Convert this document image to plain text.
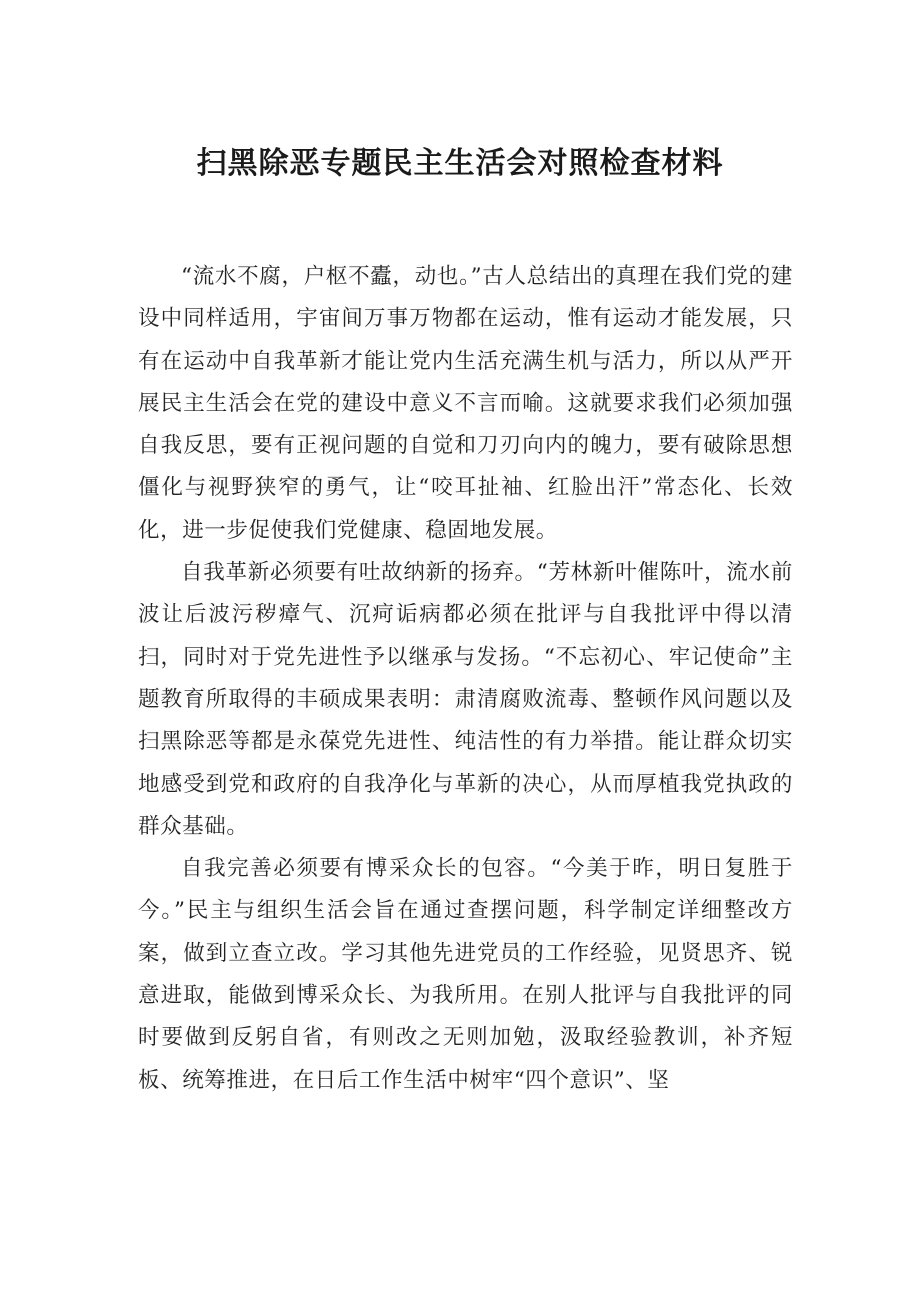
扫黑除恶专题民主生活会对照检查材料

“流水不腐，户枢不蠹，动也。”古人总结出的真理在我们党的建设中同样适用，宇宙间万事万物都在运动，惟有运动才能发展，只有在运动中自我革新才能让党内生活充满生机与活力，所以从严开展民主生活会在党的建设中意义不言而喻。这就要求我们必须加强自我反思，要有正视问题的自觉和刀刃向内的魄力，要有破除思想僵化与视野狭窄的勇气，让“咬耳扯袖、红脸出汗”常态化、长效化，进一步促使我们党健康、稳固地发展。

自我革新必须要有吐故纳新的扬弃。“芳林新叶催陈叶，流水前波让后波污秽瘴气、沉疴诟病都必须在批评与自我批评中得以清扫，同时对于党先进性予以继承与发扬。“不忘初心、牢记使命”主题教育所取得的丰硕成果表明：肃清腐败流毒、整顿作风问题以及扫黑除恶等都是永葆党先进性、纯洁性的有力举措。能让群众切实地感受到党和政府的自我净化与革新的决心，从而厚植我党执政的群众基础。

自我完善必须要有博采众长的包容。“今美于昨，明日复胜于今。”民主与组织生活会旨在通过查摆问题，科学制定详细整改方案，做到立查立改。学习其他先进党员的工作经验，见贤思齐、锐意进取，能做到博采众长、为我所用。在别人批评与自我批评的同时要做到反躬自省，有则改之无则加勉，汲取经验教训，补齐短板、统筹推进，在日后工作生活中树牢“四个意识”、坚
